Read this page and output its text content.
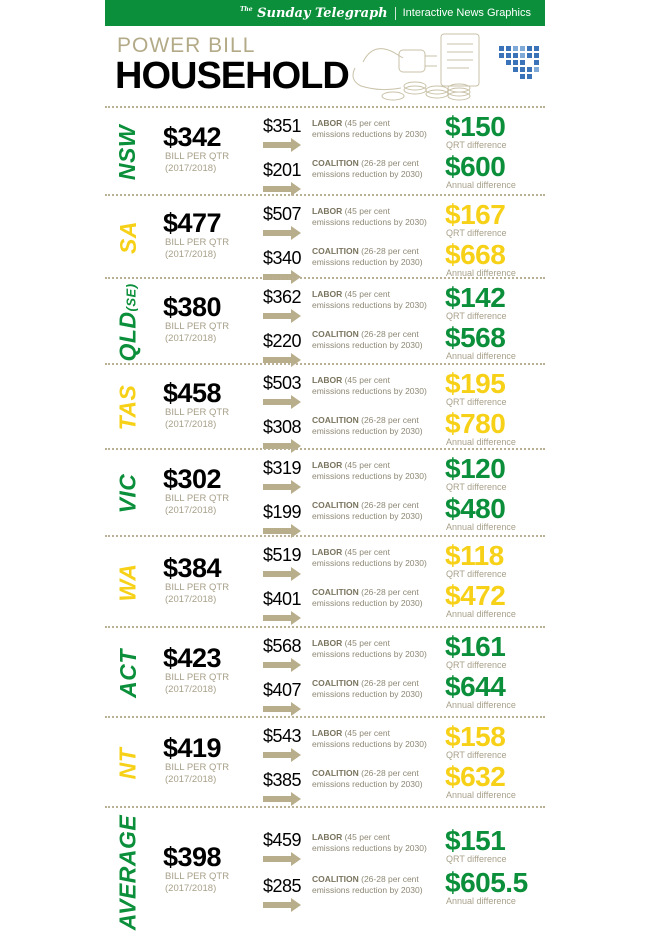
$^{The}$ Sunday Telegraph Interactive News Graphics
POWER BILL
HOUSEHOLD
NSW $342
BILL PER QTR
(2017/2018)
$351 LABOR (45 per cent emissions reductions by 2030)
$201 COALITION (26-28 per cent emissions reduction by 2030)
$150
QRT difference
$600
Annual difference
SA $477
BILL PER QTR
(2017/2018)
$507 LABOR (45 per cent emissions reductions by 2030)
$340 COALITION (26-28 per cent emissions reduction by 2030)
$167
QRT difference
$668
Annual difference
QLD(SE) $380
BILL PER QTR
(2017/2018)
$362 LABOR (45 per cent emissions reductions by 2030)
$220 COALITION (26-28 per cent emissions reduction by 2030)
$142
QRT difference
$568
Annual difference
TAS $458
BILL PER QTR
(2017/2018)
$503 LABOR (45 per cent emissions reductions by 2030)
$308 COALITION (26-28 per cent emissions reduction by 2030)
$195
QRT difference
$780
Annual difference
VIC $302
BILL PER QTR
(2017/2018)
$319 LABOR (45 per cent emissions reductions by 2030)
$199 COALITION (26-28 per cent emissions reduction by 2030)
$120
QRT difference
$480
Annual difference
WA $384
BILL PER QTR
(2017/2018)
$519 LABOR (45 per cent emissions reductions by 2030)
$401 COALITION (26-28 per cent emissions reduction by 2030)
$118
QRT difference
$472
Annual difference
ACT $423
BILL PER QTR
(2017/2018)
$568 LABOR (45 per cent emissions reductions by 2030)
$407 COALITION (26-28 per cent emissions reduction by 2030)
$161
QRT difference
$644
Annual difference
NT $419
BILL PER QTR
(2017/2018)
$543 LABOR (45 per cent emissions reductions by 2030)
$385 COALITION (26-28 per cent emissions reduction by 2030)
$158
QRT difference
$632
Annual difference
AVERAGE $398
BILL PER QTR
(2017/2018)
$459 LABOR (45 per cent emissions reductions by 2030)
$285 COALITION (26-28 per cent emissions reduction by 2030)
$151
QRT difference
$605.5
Annual difference
